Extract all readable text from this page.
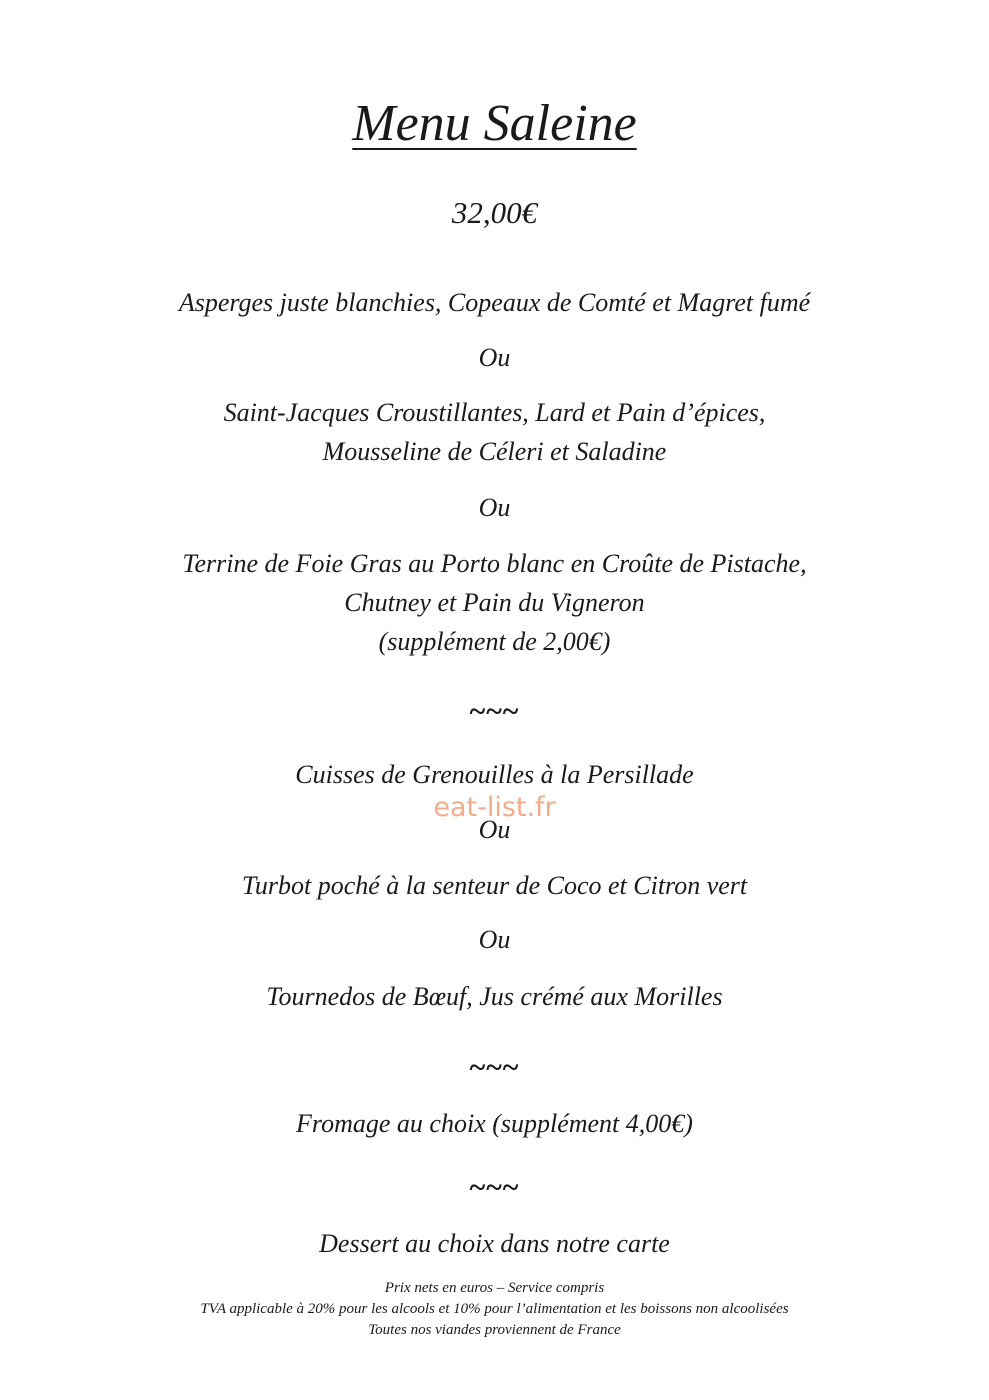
Menu Saleine
32,00€
Asperges juste blanchies, Copeaux de Comté et Magret fumé
Ou
Saint-Jacques Croustillantes, Lard et Pain d’épices,
Mousseline de Céleri et Saladine
Ou
Terrine de Foie Gras au Porto blanc en Croûte de Pistache,
Chutney et Pain du Vigneron
(supplément de 2,00€)
~~~
Cuisses de Grenouilles à la Persillade
Ou
Turbot poché à la senteur de Coco et Citron vert
Ou
Tournedos de Bœuf, Jus crémé aux Morilles
~~~
Fromage au choix (supplément 4,00€)
~~~
Dessert au choix dans notre carte
Prix nets en euros – Service compris
TVA applicable à 20% pour les alcools et 10% pour l’alimentation et les boissons non alcoolisées
Toutes nos viandes proviennent de France
eat-list.fr
